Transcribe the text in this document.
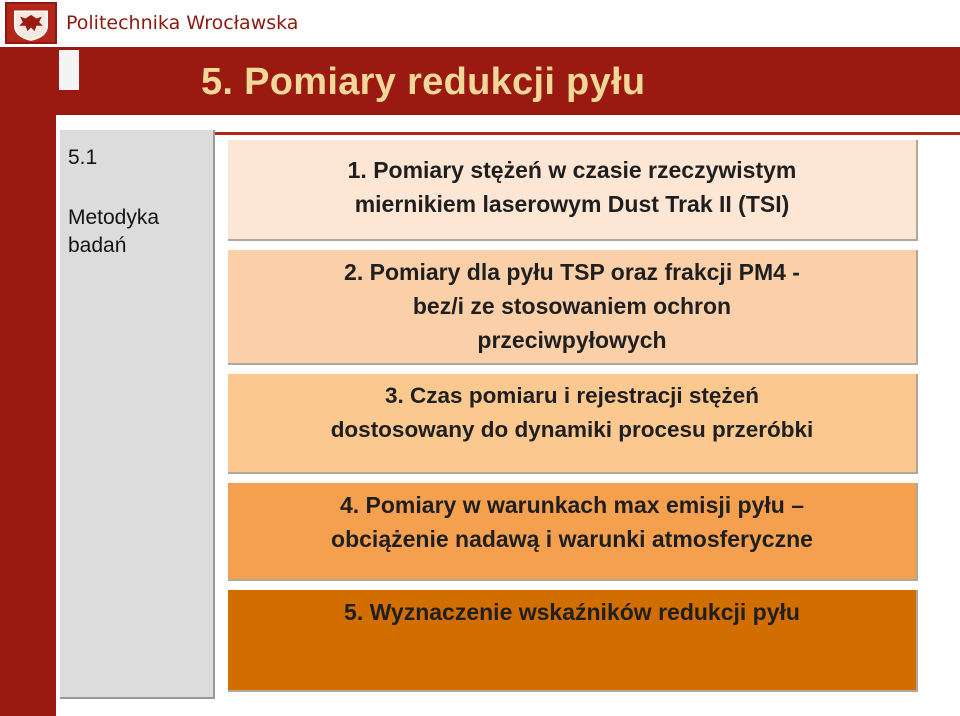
Politechnika Wrocławska
5. Pomiary redukcji pyłu
5.1
Metodyka badań
1. Pomiary stężeń w czasie rzeczywistym
miernikiem laserowym Dust Trak II (TSI)
2. Pomiary dla pyłu TSP oraz frakcji PM4 -
bez/i ze stosowaniem ochron
przeciwpyłowych
3. Czas pomiaru i rejestracji stężeń
dostosowany do dynamiki procesu przeróbki
4. Pomiary w warunkach max emisji pyłu –
obciążenie nadawą i warunki atmosferyczne
5. Wyznaczenie wskaźników redukcji pyłu
